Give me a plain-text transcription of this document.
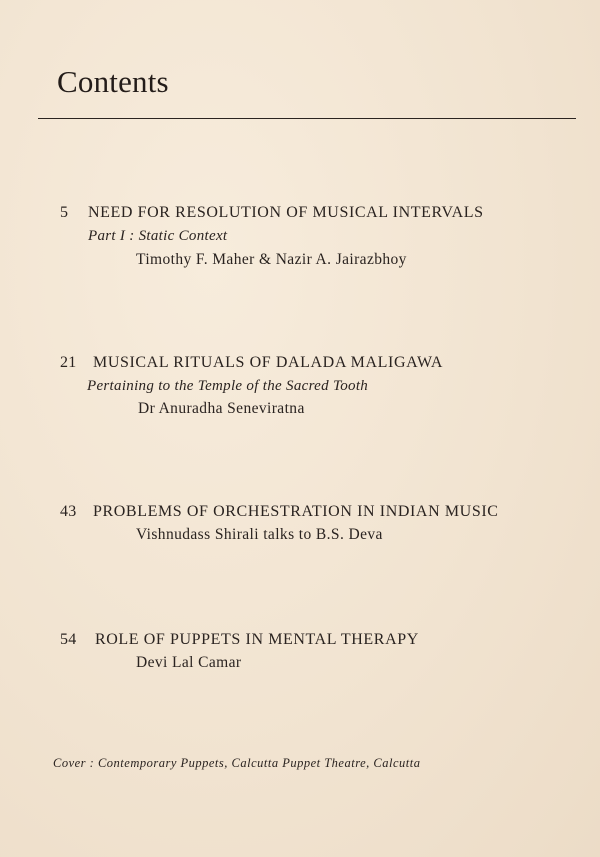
Contents
5 NEED FOR RESOLUTION OF MUSICAL INTERVALS
Part I : Static Context
Timothy F. Maher & Nazir A. Jairazbhoy
21 MUSICAL RITUALS OF DALADA MALIGAWA
Pertaining to the Temple of the Sacred Tooth
Dr Anuradha Seneviratna
43 PROBLEMS OF ORCHESTRATION IN INDIAN MUSIC
Vishnudass Shirali talks to B.S. Deva
54 ROLE OF PUPPETS IN MENTAL THERAPY
Devi Lal Camar
Cover : Contemporary Puppets, Calcutta Puppet Theatre, Calcutta
